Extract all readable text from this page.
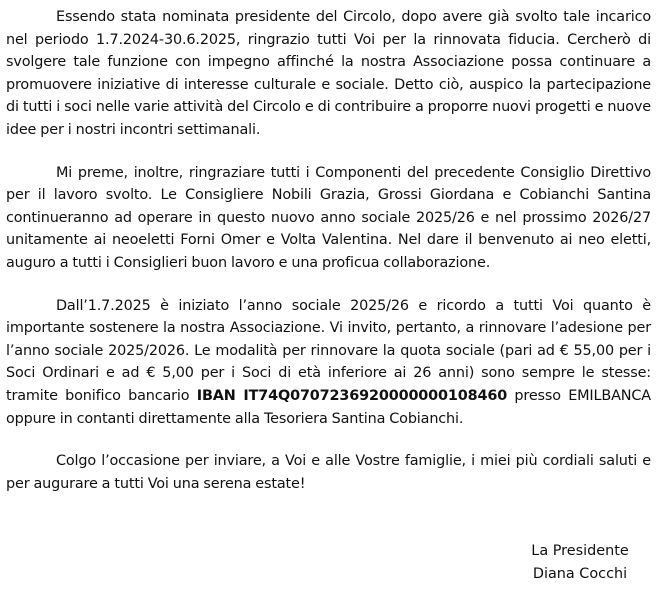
Essendo stata nominata presidente del Circolo, dopo avere già svolto tale incarico nel periodo 1.7.2024-30.6.2025, ringrazio tutti Voi per la rinnovata fiducia. Cercherò di svolgere tale funzione con impegno affinché la nostra Associazione possa continuare a promuovere iniziative di interesse culturale e sociale. Detto ciò, auspico la partecipazione di tutti i soci nelle varie attività del Circolo e di contribuire a proporre nuovi progetti e nuove idee per i nostri incontri settimanali.

Mi preme, inoltre, ringraziare tutti i Componenti del precedente Consiglio Direttivo per il lavoro svolto. Le Consigliere Nobili Grazia, Grossi Giordana e Cobianchi Santina continueranno ad operare in questo nuovo anno sociale 2025/26 e nel prossimo 2026/27 unitamente ai neoeletti Forni Omer e Volta Valentina. Nel dare il benvenuto ai neo eletti, auguro a tutti i Consiglieri buon lavoro e una proficua collaborazione.

Dall’1.7.2025 è iniziato l’anno sociale 2025/26 e ricordo a tutti Voi quanto è importante sostenere la nostra Associazione. Vi invito, pertanto, a rinnovare l’adesione per l’anno sociale 2025/2026. Le modalità per rinnovare la quota sociale (pari ad € 55,00 per i Soci Ordinari e ad € 5,00 per i Soci di età inferiore ai 26 anni) sono sempre le stesse: tramite bonifico bancario IBAN IT74Q0707236920000000108460 presso EMILBANCA oppure in contanti direttamente alla Tesoriera Santina Cobianchi.

Colgo l’occasione per inviare, a Voi e alle Vostre famiglie, i miei più cordiali saluti e per augurare a tutti Voi una serena estate!

La Presidente
Diana Cocchi
